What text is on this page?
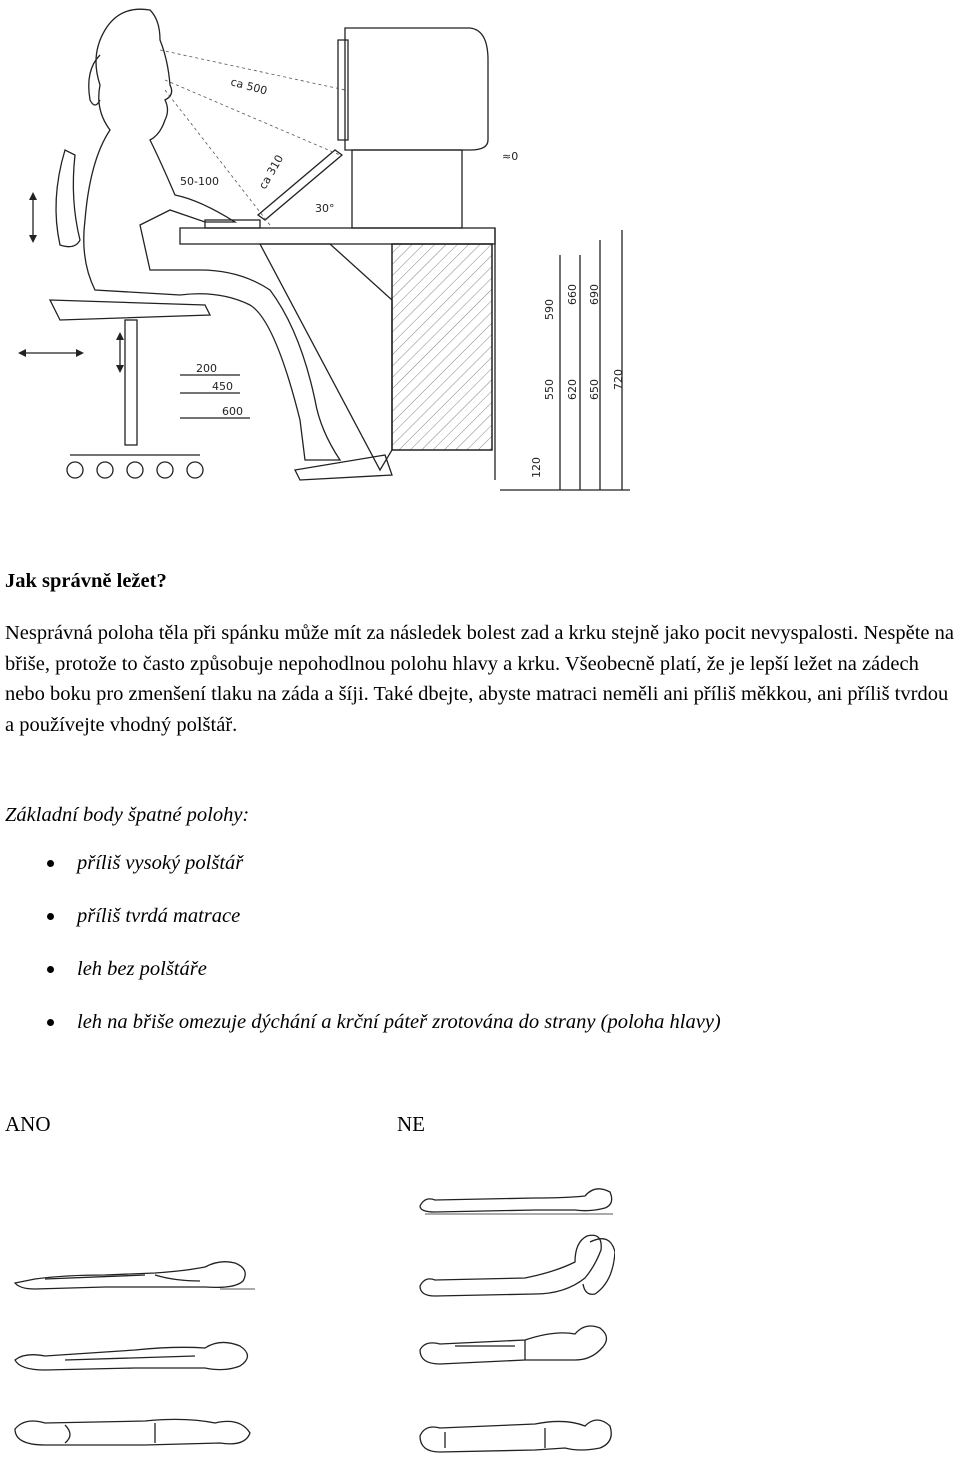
ca 500
ca 310
50-100
30°
200
450
600
590
660 690
550 620 650 720
120
≈0
Jak správně ležet?
Nesprávná poloha těla při spánku může mít za následek bolest zad a krku stejně jako pocit nevyspalosti. Nespěte na břiše, protože to často způsobuje nepohodlnou polohu hlavy a krku. Všeobecně platí, že je lepší ležet na zádech nebo boku pro zmenšení tlaku na záda a šíji. Také dbejte, abyste matraci neměli ani příliš měkkou, ani příliš tvrdou a používejte vhodný polštář.
Základní body špatné polohy:
příliš vysoký polštář
příliš tvrdá matrace
leh bez polštáře
leh na břiše omezuje dýchání a krční páteř zrotována do strany (poloha hlavy)
ANO	NE
